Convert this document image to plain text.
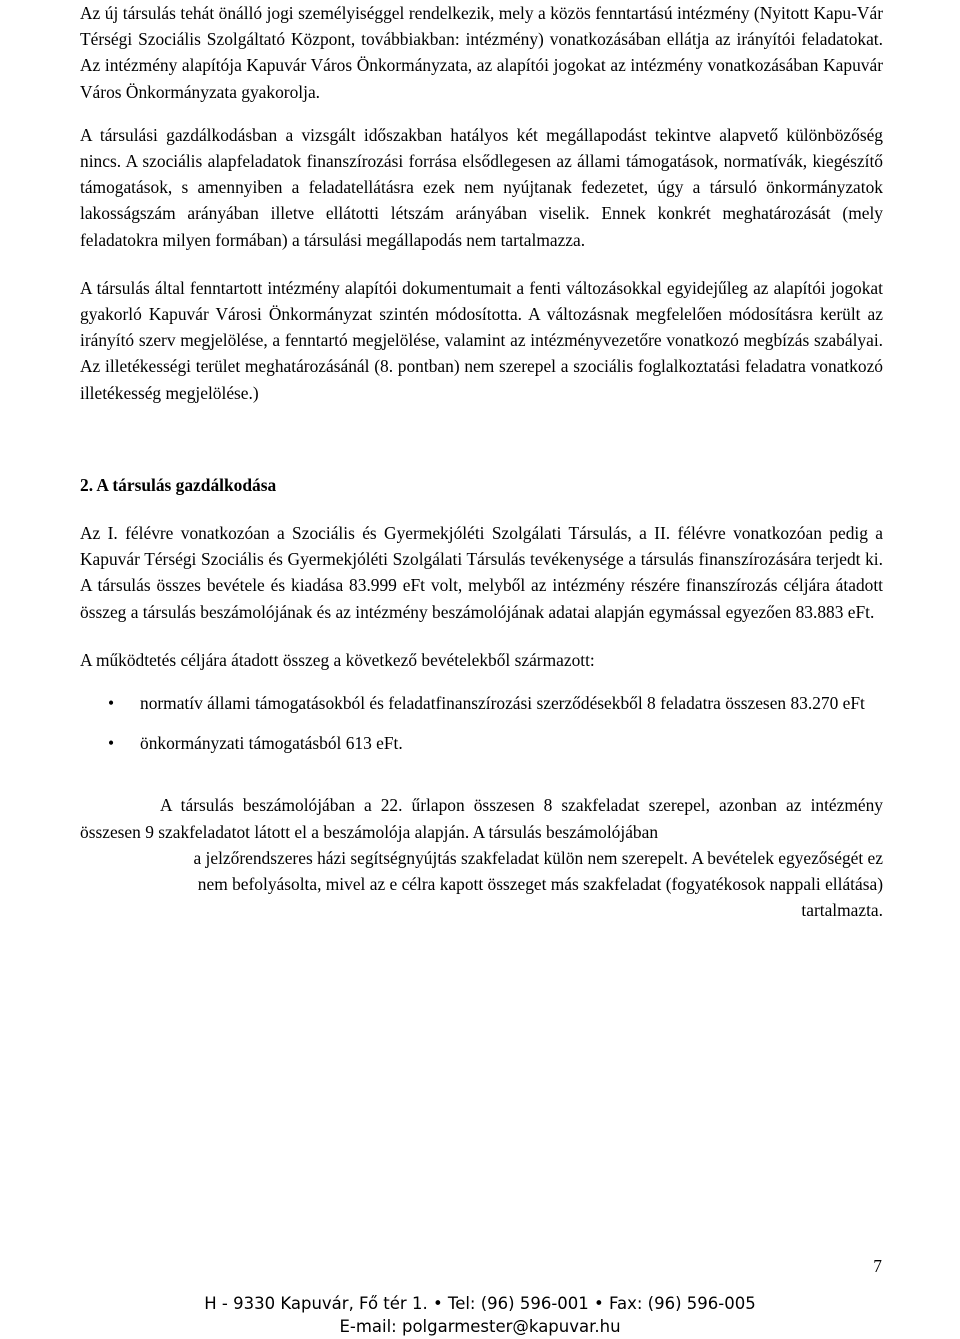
Az új társulás tehát önálló jogi személyiséggel rendelkezik, mely a közös fenntartású intézmény (Nyitott Kapu-Vár Térségi Szociális Szolgáltató Központ, továbbiakban: intézmény) vonatkozásában ellátja az irányítói feladatokat. Az intézmény alapítója Kapuvár Város Önkormányzata, az alapítói jogokat az intézmény vonatkozásában Kapuvár Város Önkormányzata gyakorolja.

A társulási gazdálkodásban a vizsgált időszakban hatályos két megállapodást tekintve alapvető különbözőség nincs. A szociális alapfeladatok finanszírozási forrása elsődlegesen az állami támogatások, normatívák, kiegészítő támogatások, s amennyiben a feladatellátásra ezek nem nyújtanak fedezetet, úgy a társuló önkormányzatok lakosságszám arányában illetve ellátotti létszám arányában viselik. Ennek konkrét meghatározását (mely feladatokra milyen formában) a társulási megállapodás nem tartalmazza.

A társulás által fenntartott intézmény alapítói dokumentumait a fenti változásokkal egyidejűleg az alapítói jogokat gyakorló Kapuvár Városi Önkormányzat szintén módosította. A változásnak megfelelően módosításra került az irányító szerv megjelölése, a fenntartó megjelölése, valamint az intézményvezetőre vonatkozó megbízás szabályai. Az illetékességi terület meghatározásánál (8. pontban) nem szerepel a szociális foglalkoztatási feladatra vonatkozó illetékesség megjelölése.)

2. A társulás gazdálkodása

Az I. félévre vonatkozóan a Szociális és Gyermekjóléti Szolgálati Társulás, a II. félévre vonatkozóan pedig a Kapuvár Térségi Szociális és Gyermekjóléti Szolgálati Társulás tevékenysége a társulás finanszírozására terjedt ki. A társulás összes bevétele és kiadása 83.999 eFt volt, melyből az intézmény részére finanszírozás céljára átadott összeg a társulás beszámolójának és az intézmény beszámolójának adatai alapján egymással egyezően 83.883 eFt.

A működtetés céljára átadott összeg a következő bevételekből származott:

• normatív állami támogatásokból és feladatfinanszírozási szerződésekből 8 feladatra összesen 83.270 eFt
• önkormányzati támogatásból 613 eFt.
A társulás beszámolójában a 22. űrlapon összesen 8 szakfeladat szerepel, azonban az intézmény összesen 9 szakfeladatot látott el a beszámolója alapján. A társulás beszámolójában

a jelzőrendszeres házi segítségnyújtás szakfeladat külön nem szerepelt. A bevételek egyezőségét ez nem befolyásolta, mivel az e célra kapott összeget más szakfeladat (fogyatékosok nappali ellátása) tartalmazta.

7
H - 9330 Kapuvár, Fő tér 1. • Tel: (96) 596-001 • Fax: (96) 596-005
E-mail: polgarmester@kapuvar.hu
